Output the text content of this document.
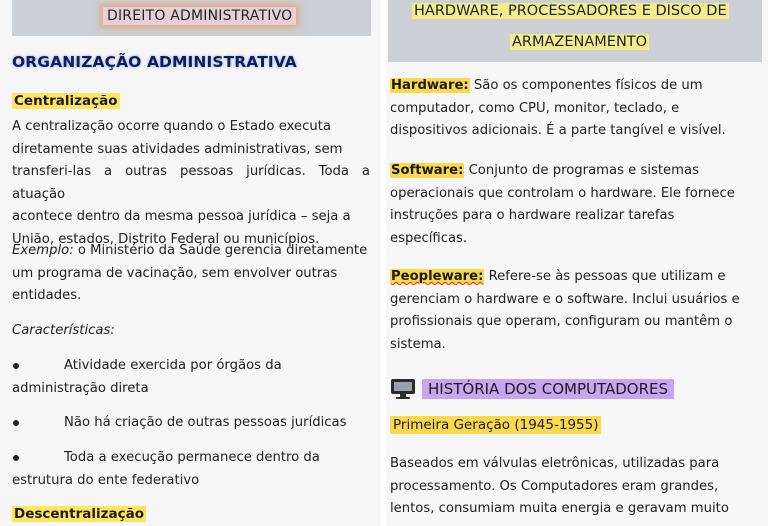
DIREITO ADMINISTRATIVO
ORGANIZAÇÃO ADMINISTRATIVA
Centralização
A centralização ocorre quando o Estado executa
diretamente suas atividades administrativas, sem
transferi-las a outras pessoas jurídicas. Toda a atuação
acontece dentro da mesma pessoa jurídica – seja a
União, estados, Distrito Federal ou municípios.
Exemplo: o Ministério da Saúde gerencia diretamente
um programa de vacinação, sem envolver outras
entidades.
Características:
Atividade exercida por órgãos da
administração direta
Não há criação de outras pessoas jurídicas
Toda a execução permanece dentro da
estrutura do ente federativo
Descentralização
HARDWARE, PROCESSADORES E DISCO DE
ARMAZENAMENTO
Hardware: São os componentes físicos de um
computador, como CPU, monitor, teclado, e
dispositivos adicionais. É a parte tangível e visível.
Software: Conjunto de programas e sistemas
operacionais que controlam o hardware. Ele fornece
instruções para o hardware realizar tarefas
específicas.
Peopleware: Refere-se às pessoas que utilizam e
gerenciam o hardware e o software. Inclui usuários e
profissionais que operam, configuram ou mantêm o
sistema.
HISTÓRIA DOS COMPUTADORES
Primeira Geração (1945-1955)
Baseados em válvulas eletrônicas, utilizadas para
processamento. Os Computadores eram grandes,
lentos, consumiam muita energia e geravam muito
